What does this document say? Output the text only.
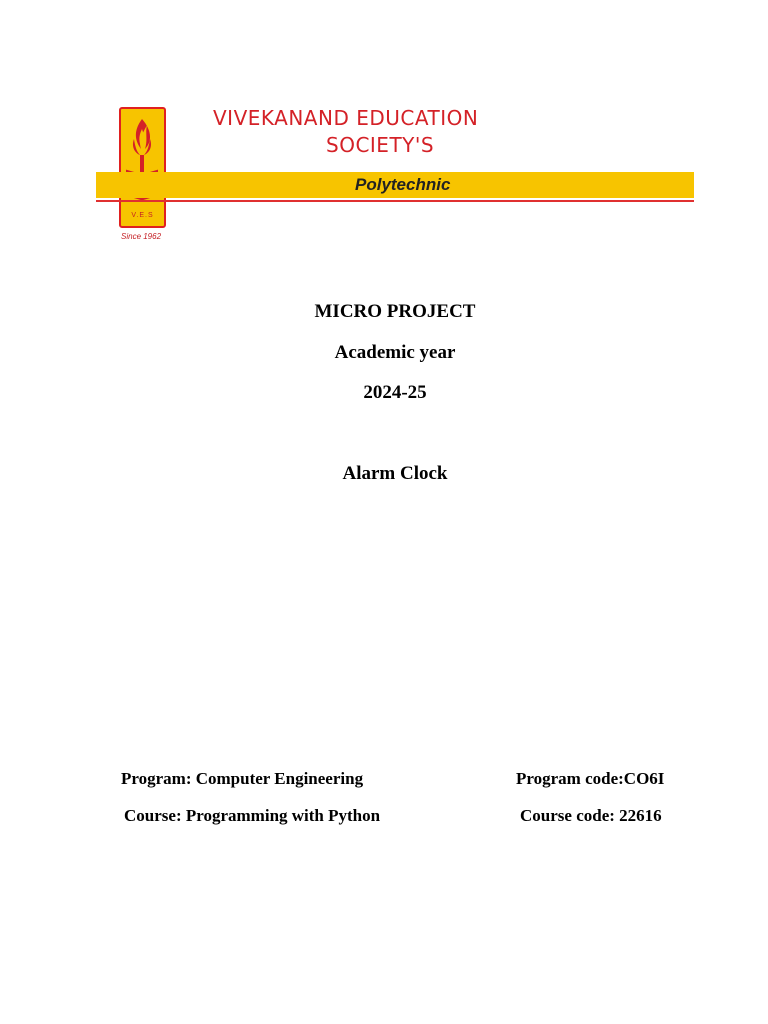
V.E.S
Since 1962
VIVEKANAND EDUCATION
SOCIETY'S
Polytechnic
MICRO PROJECT
Academic year
2024-25
Alarm Clock
Program: Computer Engineering	Program code:CO6I
Course: Programming with Python	Course code: 22616
